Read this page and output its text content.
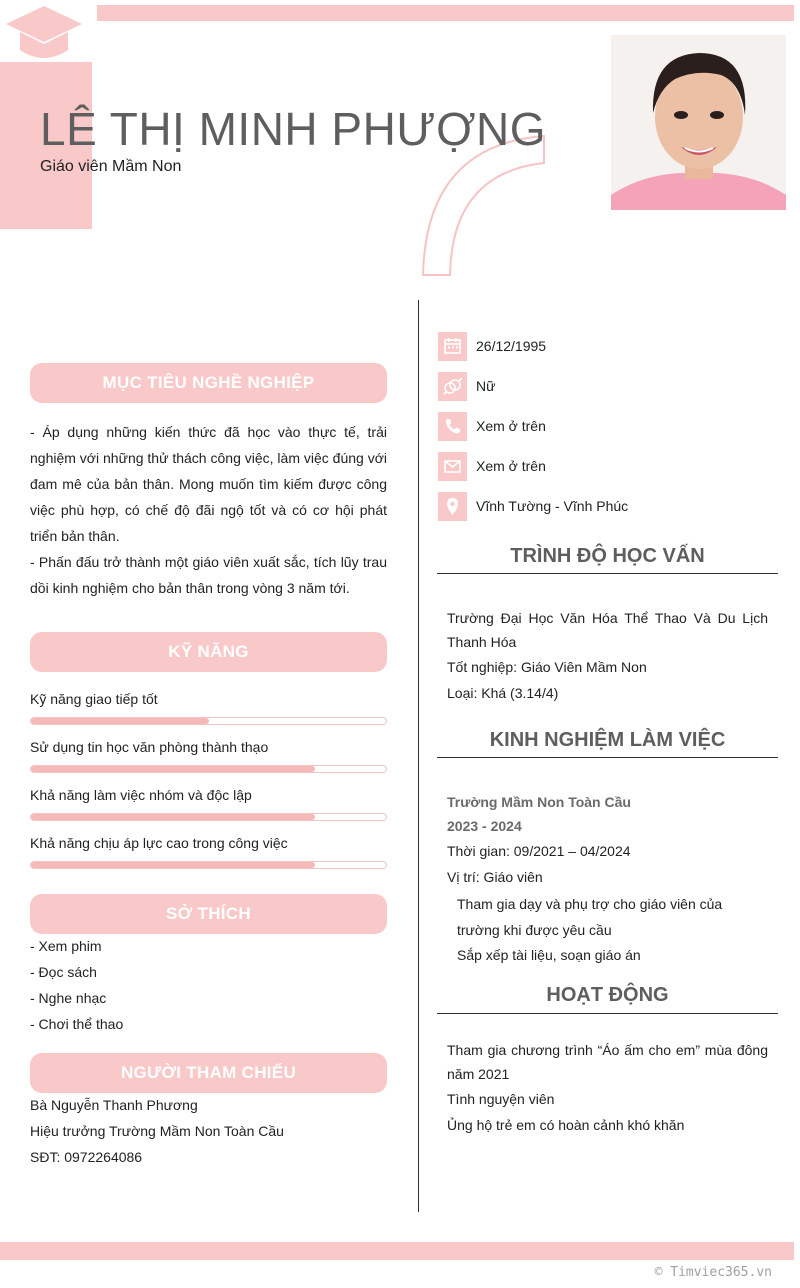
LÊ THỊ MINH PHƯỢNG
Giáo viên Mầm Non
MỤC TIÊU NGHỀ NGHIỆP

- Áp dụng những kiến thức đã học vào thực tế, trải nghiệm với những thử thách công việc, làm việc đúng với đam mê của bản thân. Mong muốn tìm kiếm được công việc phù hợp, có chế độ đãi ngộ tốt và có cơ hội phát triển bản thân.

- Phấn đấu trở thành một giáo viên xuất sắc, tích lũy trau dồi kinh nghiệm cho bản thân trong vòng 3 năm tới.

KỸ NĂNG
Kỹ năng giao tiếp tốt
Sử dụng tin học văn phòng thành thạo
Khả năng làm việc nhóm và độc lập
Khả năng chịu áp lực cao trong công việc
SỞ THÍCH
- Xem phim
- Đọc sách
- Nghe nhạc
- Chơi thể thao
NGƯỜI THAM CHIẾU
Bà Nguyễn Thanh Phương
Hiệu trưởng Trường Mầm Non Toàn Cầu
SĐT: 0972264086
26/12/1995
Nữ
Xem ở trên
Xem ở trên
Vĩnh Tường - Vĩnh Phúc
TRÌNH ĐỘ HỌC VẤN

Trường Đại Học Văn Hóa Thể Thao Và Du Lịch Thanh Hóa

Tốt nghiệp: Giáo Viên Mầm Non
Loại: Khá (3.14/4)
KINH NGHIỆM LÀM VIỆC
Trường Mầm Non Toàn Cầu
2023 - 2024
Thời gian: 09/2021 – 04/2024
Vị trí: Giáo viên

Tham gia dạy và phụ trợ cho giáo viên của trường khi được yêu cầu

Sắp xếp tài liệu, soạn giáo án
HOẠT ĐỘNG

Tham gia chương trình “Áo ấm cho em” mùa đông năm 2021

Tình nguyện viên
Ủng hộ trẻ em có hoàn cảnh khó khăn
© Timviec365.vn
